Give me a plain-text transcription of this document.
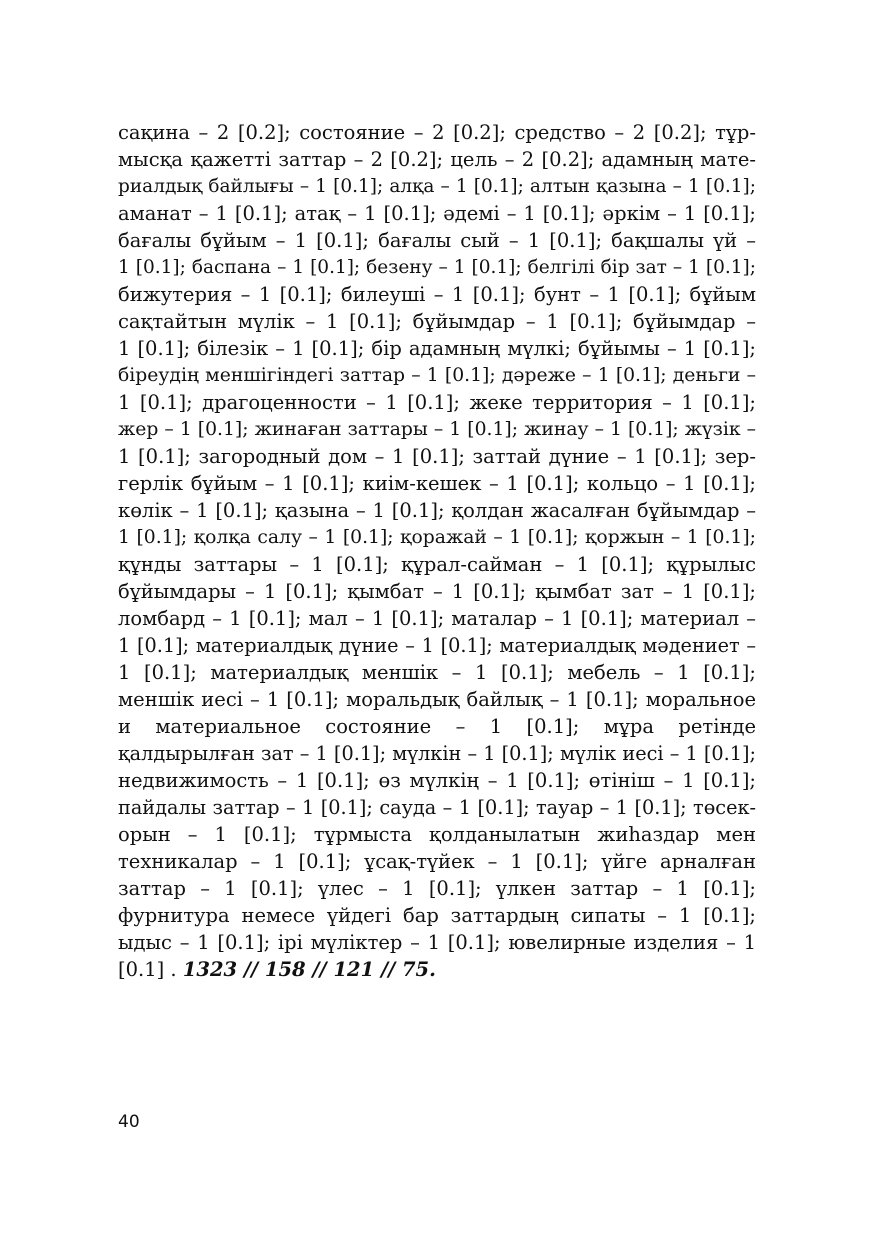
сақина – 2 [0.2]; состояние – 2 [0.2]; средство – 2 [0.2]; тұр-
мысқа қажетті заттар – 2 [0.2]; цель – 2 [0.2]; адамның мате-
риалдық байлығы – 1 [0.1]; алқа – 1 [0.1]; алтын қазына – 1 [0.1];
аманат – 1 [0.1]; атақ – 1 [0.1]; әдемі – 1 [0.1]; әркім – 1 [0.1];
бағалы бұйым – 1 [0.1]; бағалы сый – 1 [0.1]; бақшалы үй –
1 [0.1]; баспана – 1 [0.1]; безену – 1 [0.1]; белгілі бір зат – 1 [0.1];
бижутерия – 1 [0.1]; билеуші – 1 [0.1]; бунт – 1 [0.1]; бұйым
сақтайтын мүлік – 1 [0.1]; бұйымдар – 1 [0.1]; бұйымдар –
1 [0.1]; білезік – 1 [0.1]; бір адамның мүлкі; бұйымы – 1 [0.1];
біреудің меншігіндегі заттар – 1 [0.1]; дәреже – 1 [0.1]; деньги –
1 [0.1]; драгоценности – 1 [0.1]; жеке территория – 1 [0.1];
жер – 1 [0.1]; жинаған заттары – 1 [0.1]; жинау – 1 [0.1]; жүзік –
1 [0.1]; загородный дом – 1 [0.1]; заттай дүние – 1 [0.1]; зер-
герлік бұйым – 1 [0.1]; киім-кешек – 1 [0.1]; кольцо – 1 [0.1];
көлік – 1 [0.1]; қазына – 1 [0.1]; қолдан жасалған бұйымдар –
1 [0.1]; қолқа салу – 1 [0.1]; қоражай – 1 [0.1]; қоржын – 1 [0.1];
құнды заттары – 1 [0.1]; құрал-сайман – 1 [0.1]; құрылыс
бұйымдары – 1 [0.1]; қымбат – 1 [0.1]; қымбат зат – 1 [0.1];
ломбард – 1 [0.1]; мал – 1 [0.1]; маталар – 1 [0.1]; материал –
1 [0.1]; материалдық дүние – 1 [0.1]; материалдық мәдениет –
1 [0.1]; материалдық меншік – 1 [0.1]; мебель – 1 [0.1];
меншік иесі – 1 [0.1]; моральдық байлық – 1 [0.1]; моральное
и материальное состояние – 1 [0.1]; мұра ретінде
қалдырылған зат – 1 [0.1]; мүлкін – 1 [0.1]; мүлік иесі – 1 [0.1];
недвижимость – 1 [0.1]; өз мүлкің – 1 [0.1]; өтініш – 1 [0.1];
пайдалы заттар – 1 [0.1]; сауда – 1 [0.1]; тауар – 1 [0.1]; төсек-
орын – 1 [0.1]; тұрмыста қолданылатын жиһаздар мен
техникалар – 1 [0.1]; ұсақ-түйек – 1 [0.1]; үйге арналған
заттар – 1 [0.1]; үлес – 1 [0.1]; үлкен заттар – 1 [0.1];
фурнитура немесе үйдегі бар заттардың сипаты – 1 [0.1];
ыдыс – 1 [0.1]; ірі мүліктер – 1 [0.1]; ювелирные изделия – 1
[0.1] . 1323 // 158 // 121 // 75.
40
